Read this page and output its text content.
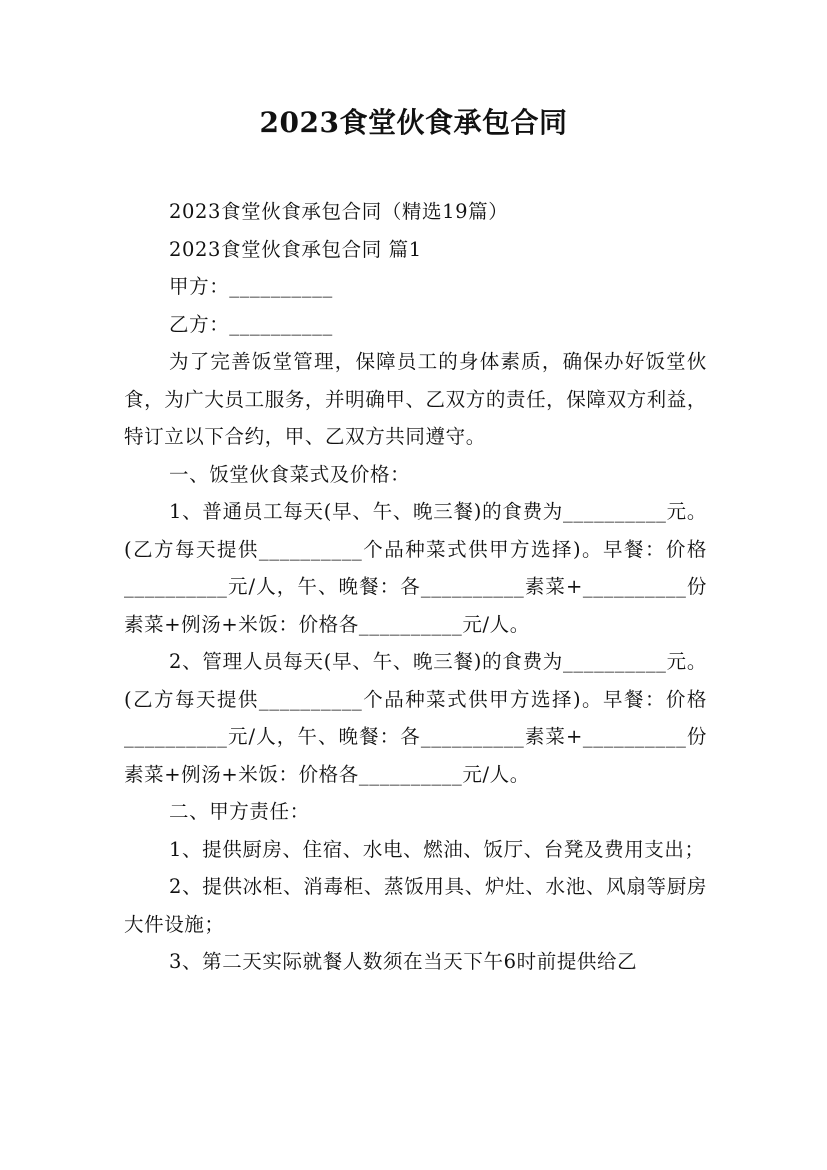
2023食堂伙食承包合同

2023食堂伙食承包合同（精选19篇）

2023食堂伙食承包合同 篇1

甲方：__________

乙方：__________

为了完善饭堂管理，保障员工的身体素质，确保办好饭堂伙食，为广大员工服务，并明确甲、乙双方的责任，保障双方利益，特订立以下合约，甲、乙双方共同遵守。

一、饭堂伙食菜式及价格：

1、普通员工每天(早、午、晚三餐)的食费为__________元。(乙方每天提供__________个品种菜式供甲方选择)。早餐：价格 __________元/人，午、晚餐：各__________素菜+__________份素菜+例汤+米饭：价格各__________元/人。

2、管理人员每天(早、午、晚三餐)的食费为__________元。(乙方每天提供__________个品种菜式供甲方选择)。早餐：价格 __________元/人，午、晚餐：各__________素菜+__________份素菜+例汤+米饭：价格各__________元/人。

二、甲方责任：

1、提供厨房、住宿、水电、燃油、饭厅、台凳及费用支出；

2、提供冰柜、消毒柜、蒸饭用具、炉灶、水池、风扇等厨房大件设施；

3、第二天实际就餐人数须在当天下午6时前提供给乙
